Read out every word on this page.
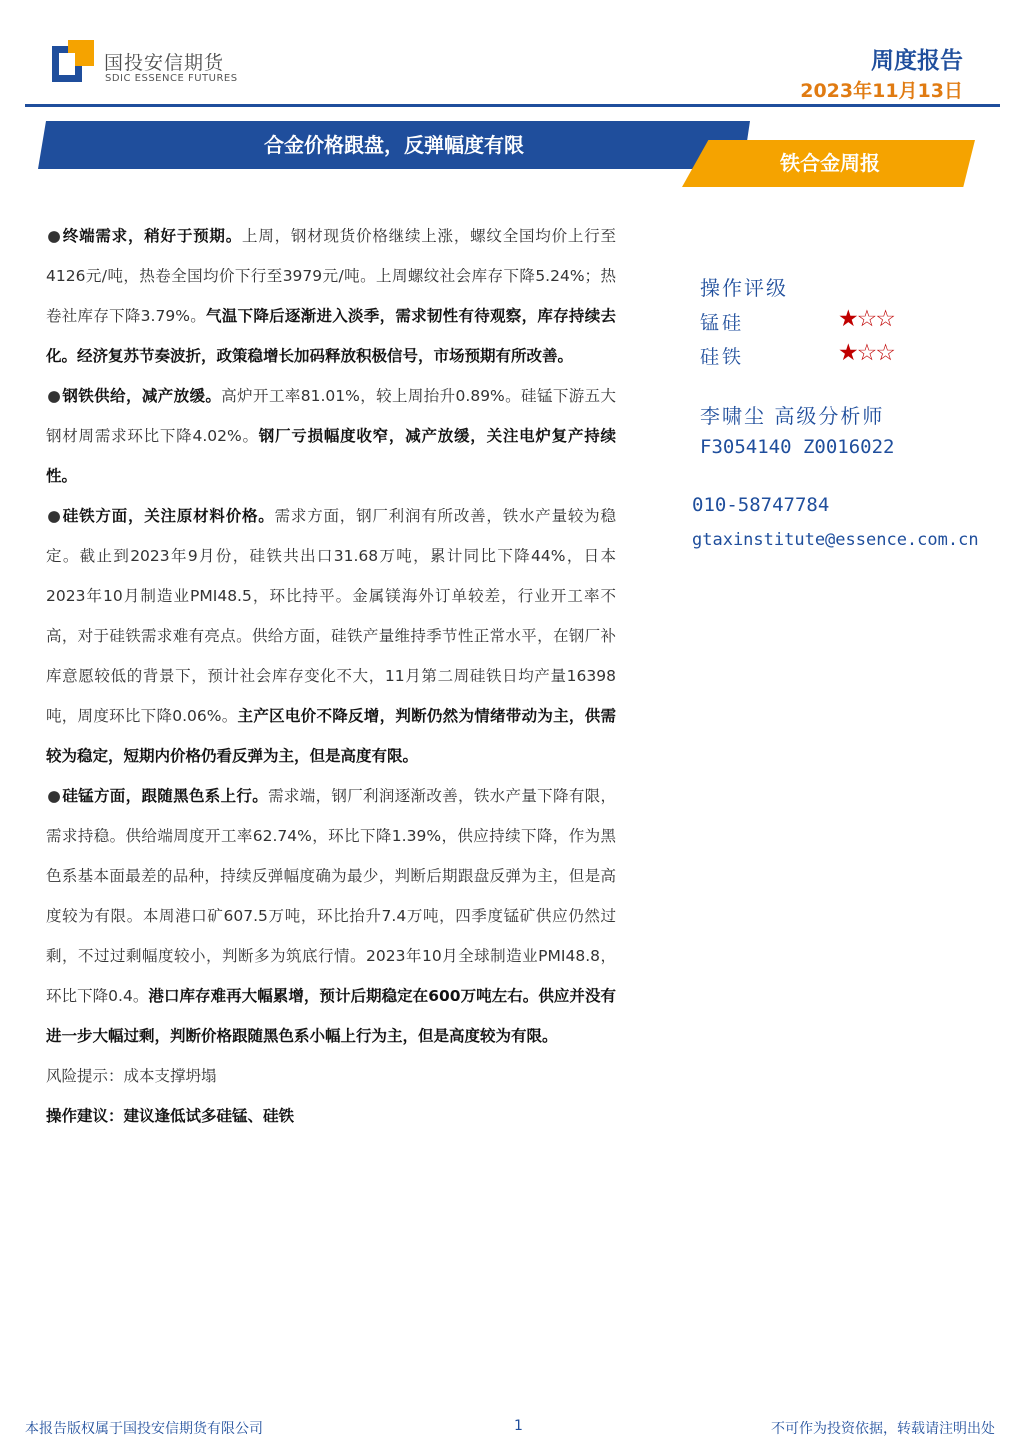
国投安信期货
SDIC ESSENCE FUTURES
周度报告
2023年11月13日
合金价格跟盘，反弹幅度有限
铁合金周报

●终端需求，稍好于预期。上周，钢材现货价格继续上涨，螺纹全国均价上行至4126元/吨，热卷全国均价下行至3979元/吨。上周螺纹社会库存下降5.24%；热卷社库存下降3.79%。气温下降后逐渐进入淡季，需求韧性有待观察，库存持续去化。经济复苏节奏波折，政策稳增长加码释放积极信号，市场预期有所改善。

●钢铁供给，减产放缓。高炉开工率81.01%，较上周抬升0.89%。硅锰下游五大钢材周需求环比下降4.02%。钢厂亏损幅度收窄，减产放缓，关注电炉复产持续性。

●硅铁方面，关注原材料价格。需求方面，钢厂利润有所改善，铁水产量较为稳定。截止到2023年9月份，硅铁共出口31.68万吨，累计同比下降44%，日本2023年10月制造业PMI48.5，环比持平。金属镁海外订单较差，行业开工率不高，对于硅铁需求难有亮点。供给方面，硅铁产量维持季节性正常水平，在钢厂补库意愿较低的背景下，预计社会库存变化不大，11月第二周硅铁日均产量16398吨，周度环比下降0.06%。主产区电价不降反增，判断仍然为情绪带动为主，供需较为稳定，短期内价格仍看反弹为主，但是高度有限。

●硅锰方面，跟随黑色系上行。需求端，钢厂利润逐渐改善，铁水产量下降有限，需求持稳。供给端周度开工率62.74%，环比下降1.39%，供应持续下降，作为黑色系基本面最差的品种，持续反弹幅度确为最少，判断后期跟盘反弹为主，但是高度较为有限。本周港口矿607.5万吨，环比抬升7.4万吨，四季度锰矿供应仍然过剩，不过过剩幅度较小，判断多为筑底行情。2023年10月全球制造业PMI48.8，环比下降0.4。港口库存难再大幅累增，预计后期稳定在600万吨左右。供应并没有进一步大幅过剩，判断价格跟随黑色系小幅上行为主，但是高度较为有限。

风险提示：成本支撑坍塌

操作建议：建议逢低试多硅锰、硅铁

操作评级
锰硅	★☆☆
硅铁	★☆☆
李啸尘 高级分析师
F3054140 Z0016022
010-58747784
gtaxinstitute@essence.com.cn
本报告版权属于国投安信期货有限公司	1	不可作为投资依据，转载请注明出处
